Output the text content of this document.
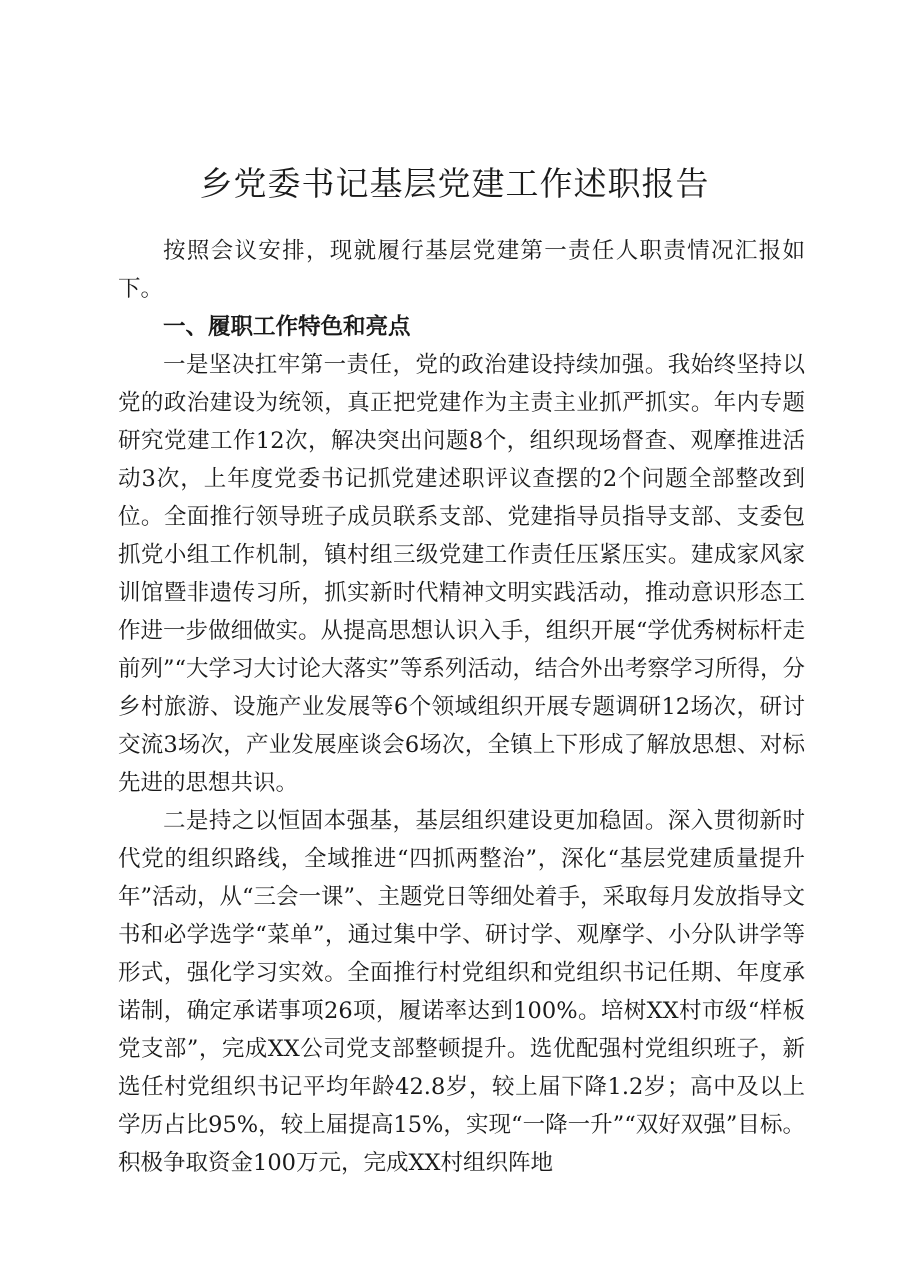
乡党委书记基层党建工作述职报告

按照会议安排，现就履行基层党建第一责任人职责情况汇报如下。

一、履职工作特色和亮点

一是坚决扛牢第一责任，党的政治建设持续加强。我始终坚持以党的政治建设为统领，真正把党建作为主责主业抓严抓实。年内专题研究党建工作12次，解决突出问题8个，组织现场督查、观摩推进活动3次，上年度党委书记抓党建述职评议查摆的2个问题全部整改到位。全面推行领导班子成员联系支部、党建指导员指导支部、支委包抓党小组工作机制，镇村组三级党建工作责任压紧压实。建成家风家训馆暨非遗传习所，抓实新时代精神文明实践活动，推动意识形态工作进一步做细做实。从提高思想认识入手，组织开展“学优秀树标杆走前列”“大学习大讨论大落实”等系列活动，结合外出考察学习所得，分乡村旅游、设施产业发展等6个领域组织开展专题调研12场次，研讨交流3场次，产业发展座谈会6场次，全镇上下形成了解放思想、对标先进的思想共识。

二是持之以恒固本强基，基层组织建设更加稳固。深入贯彻新时代党的组织路线，全域推进“四抓两整治”，深化“基层党建质量提升年”活动，从“三会一课”、主题党日等细处着手，采取每月发放指导文书和必学选学“菜单”，通过集中学、研讨学、观摩学、小分队讲学等形式，强化学习实效。全面推行村党组织和党组织书记任期、年度承诺制，确定承诺事项26项，履诺率达到100%。培树XX村市级“样板党支部”，完成XX公司党支部整顿提升。选优配强村党组织班子，新选任村党组织书记平均年龄42.8岁，较上届下降1.2岁；高中及以上学历占比95%，较上届提高15%，实现“一降一升”“双好双强”目标。积极争取资金100万元，完成XX村组织阵地
